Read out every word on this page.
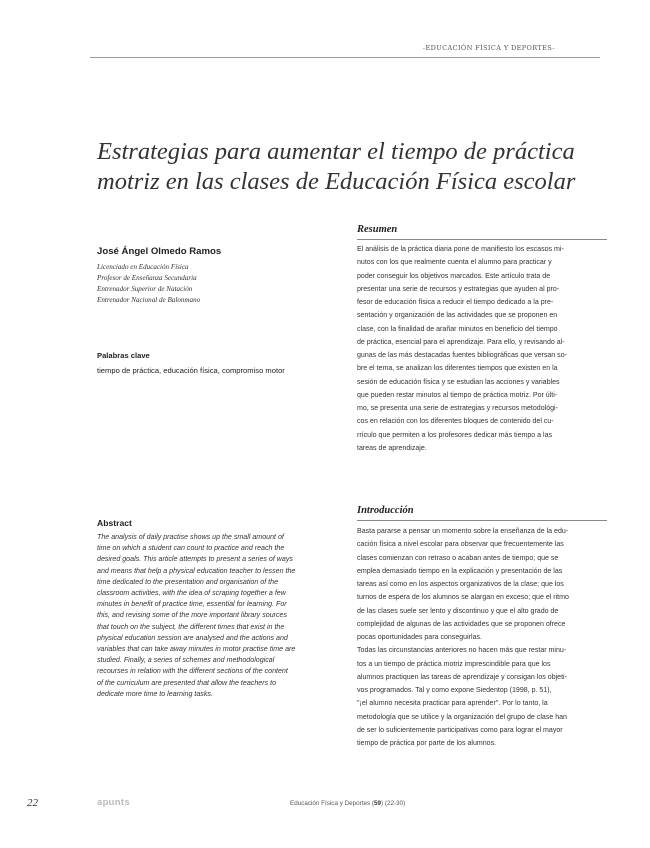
-EDUCACIÓN FÍSICA Y DEPORTES-
Estrategias para aumentar el tiempo de práctica
motriz en las clases de Educación Física escolar
José Ángel Olmedo Ramos
Licenciado en Educación Física
Profesor de Enseñanza Secundaria
Entrenador Superior de Natación
Entrenador Nacional de Balonmano
Palabras clave
tiempo de práctica, educación física, compromiso motor
Abstract
The analysis of daily practise shows up the small amount of
time on which a student can count to practice and reach the
desired goals. This article attempts to present a series of ways
and means that help a physical education teacher to lessen the
time dedicated to the presentation and organisation of the
classroom activities, with the idea of scraping together a few
minutes in benefit of practice time, essential for learning. For
this, and revising some of the more important library sources
that touch on the subject, the different times that exist in the
physical education session are analysed and the actions and
variables that can take away minutes in motor practise time are
studied. Finally, a series of schemes and methodological
recourses in relation with the different sections of the content
of the curriculum are presented that allow the teachers to
dedicate more time to learning tasks.
Resumen
El análisis de la práctica diaria pone de manifiesto los escasos mi-
nutos con los que realmente cuenta el alumno para practicar y
poder conseguir los objetivos marcados. Este artículo trata de
presentar una serie de recursos y estrategias que ayuden al pro-
fesor de educación física a reducir el tiempo dedicado a la pre-
sentación y organización de las actividades que se proponen en
clase, con la finalidad de arañar minutos en beneficio del tiempo
de práctica, esencial para el aprendizaje. Para ello, y revisando al-
gunas de las más destacadas fuentes bibliográficas que versan so-
bre el tema, se analizan los diferentes tiempos que existen en la
sesión de educación física y se estudian las acciones y variables
que pueden restar minutos al tiempo de práctica motriz. Por últi-
mo, se presenta una serie de estrategias y recursos metodológi-
cos en relación con los diferentes bloques de contenido del cu-
rrículo que permiten a los profesores dedicar más tiempo a las
tareas de aprendizaje.
Introducción
Basta pararse a pensar un momento sobre la enseñanza de la edu-
cación física a nivel escolar para observar que frecuentemente las
clases comienzan con retraso o acaban antes de tiempo; que se
emplea demasiado tiempo en la explicación y presentación de las
tareas así como en los aspectos organizativos de la clase; que los
turnos de espera de los alumnos se alargan en exceso; que el ritmo
de las clases suele ser lento y discontinuo y que el alto grado de
complejidad de algunas de las actividades que se proponen ofrece
pocas oportunidades para conseguirlas.
Todas las circunstancias anteriores no hacen más que restar minu-
tos a un tiempo de práctica motriz imprescindible para que los
alumnos practiquen las tareas de aprendizaje y consigan los objeti-
vos programados. Tal y como expone Siedentop (1998, p. 51),
"¡el alumno necesita practicar para aprender". Por lo tanto, la
metodología que se utilice y la organización del grupo de clase han
de ser lo suficientemente participativas como para lograr el mayor
tiempo de práctica por parte de los alumnos.
22	apunts	Educación Física y Deportes (59) (22-30)
